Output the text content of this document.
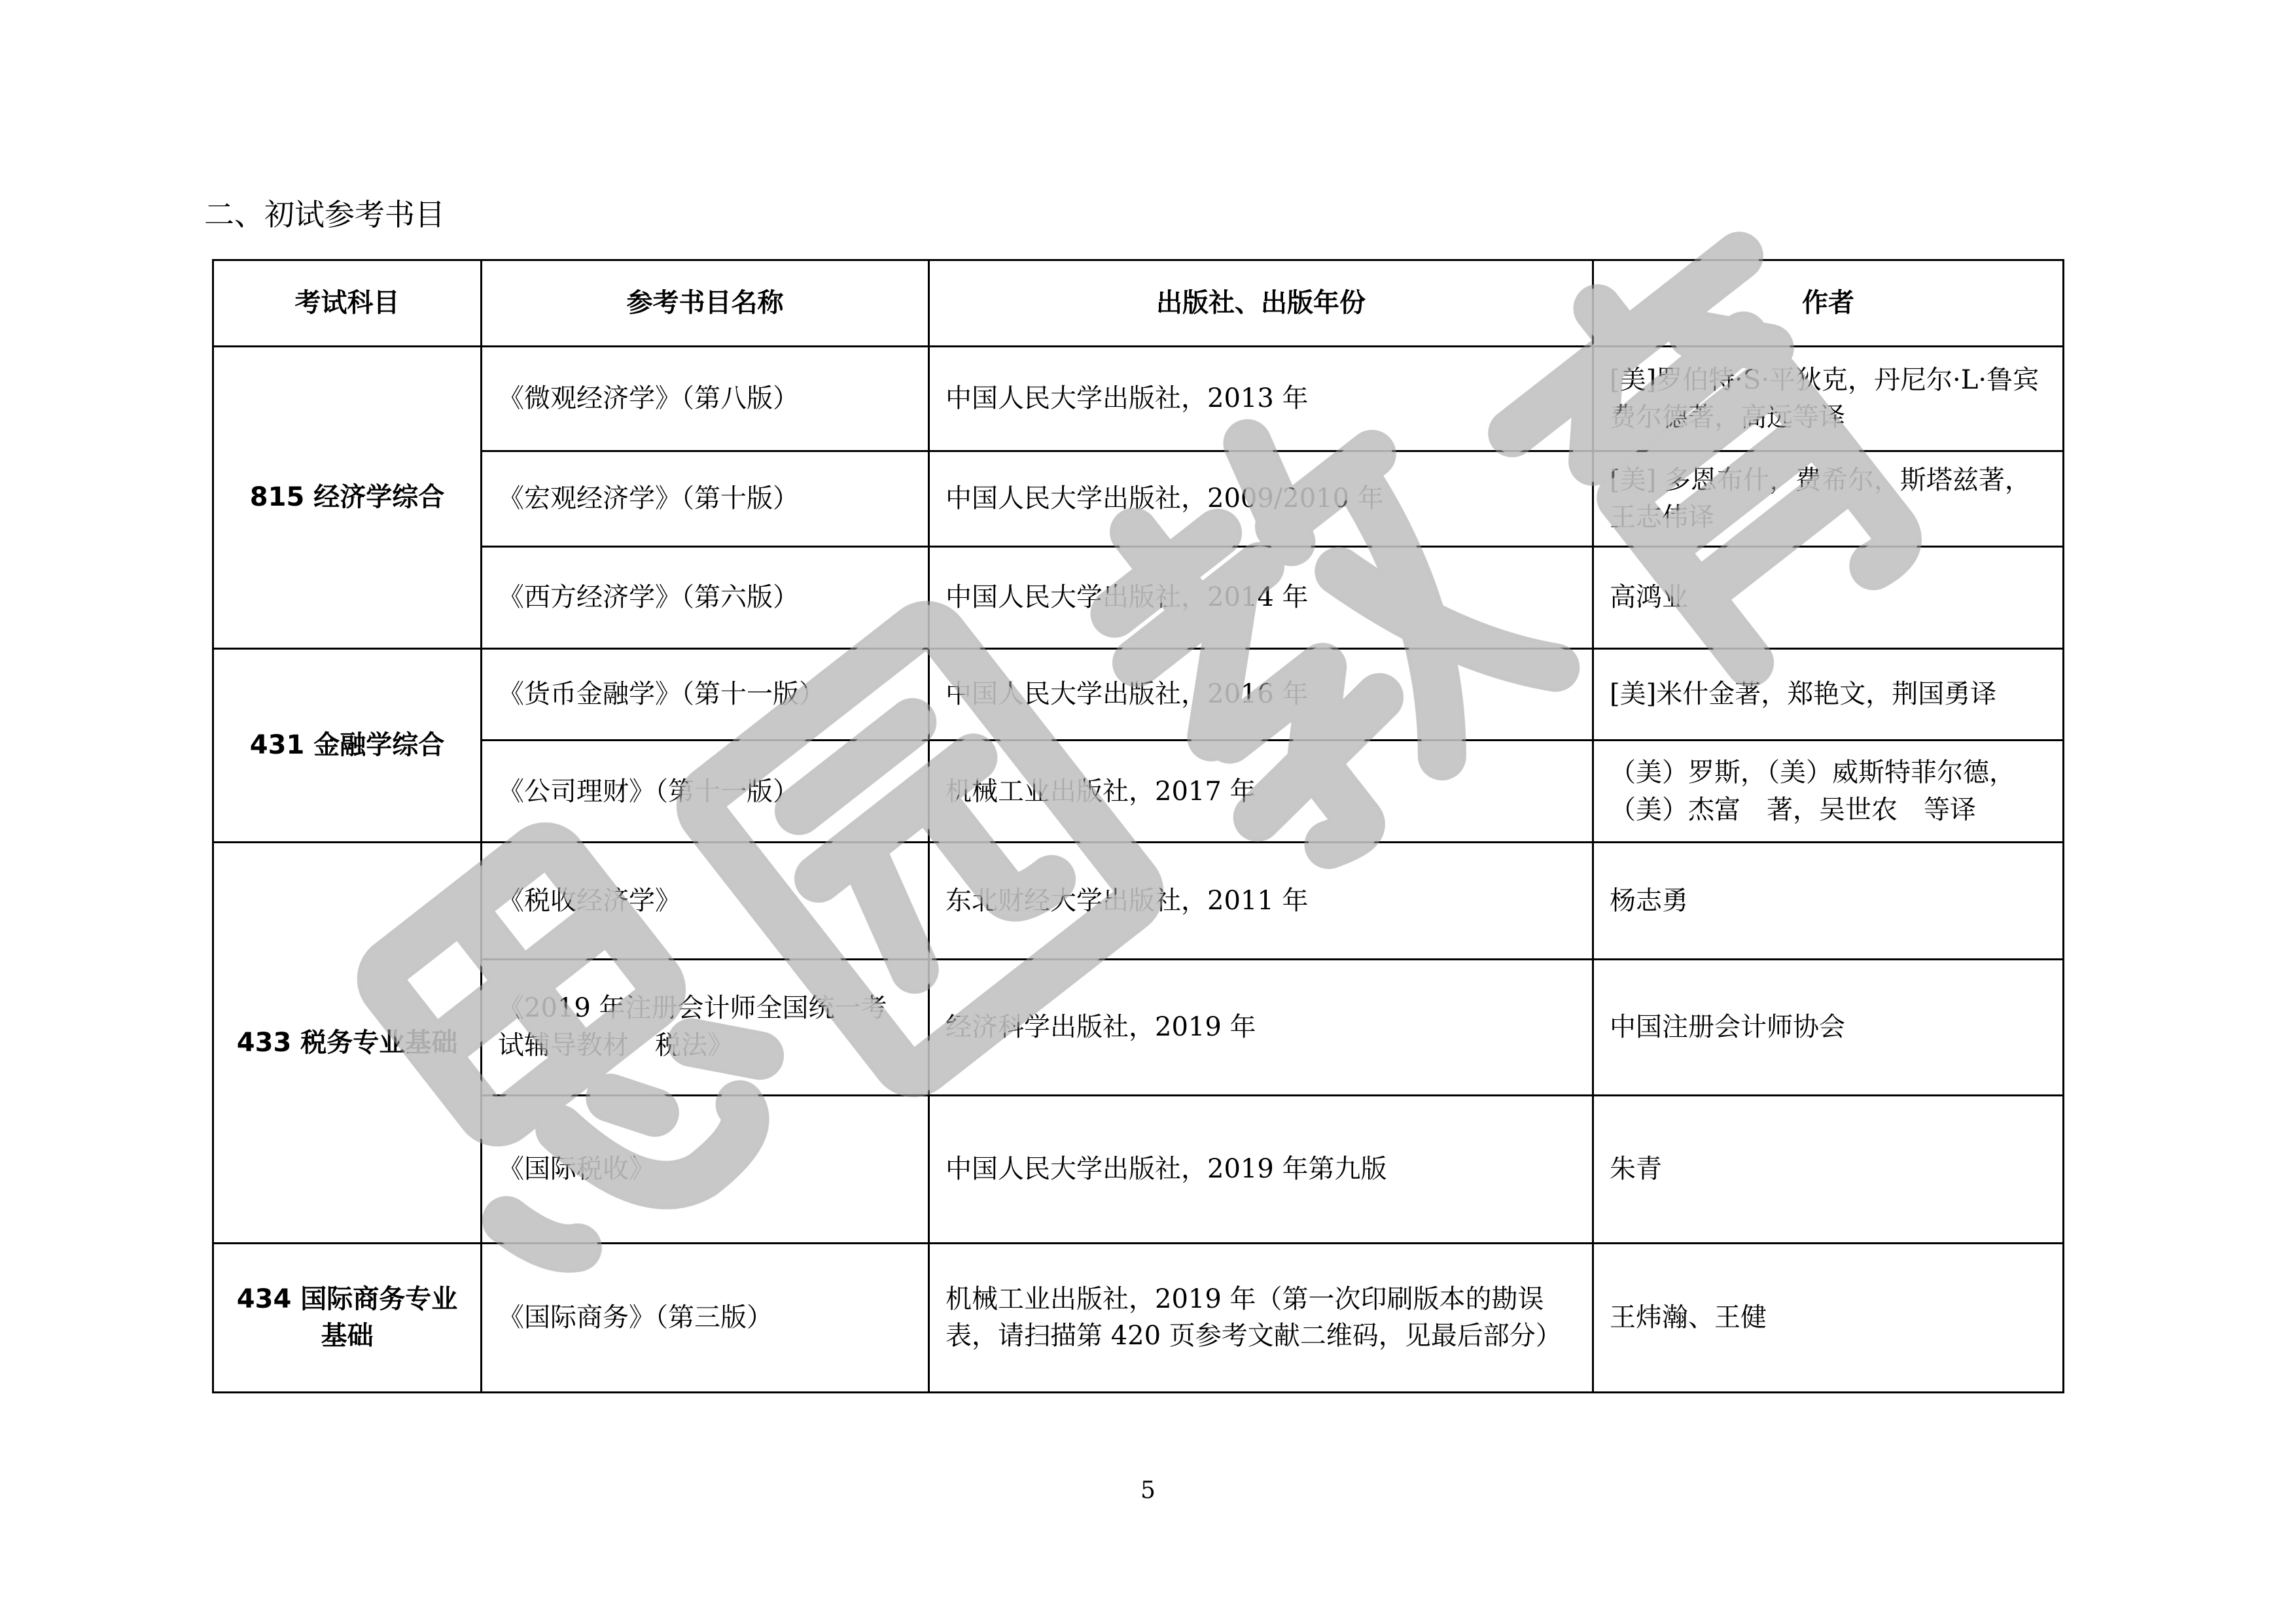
二、初试参考书目
考试科目	参考书目名称	出版社、出版年份	作者
815 经济学综合	《微观经济学》（第八版）	中国人民大学出版社，2013 年	[美]罗伯特·S·平狄克，丹尼尔·L·鲁宾费尔德著，高远等译
	《宏观经济学》（第十版）	中国人民大学出版社，2009/2010 年	[美] 多恩布什，费希尔，斯塔兹著，王志伟译
	《西方经济学》（第六版）	中国人民大学出版社，2014 年	高鸿业
431 金融学综合	《货币金融学》（第十一版）	中国人民大学出版社，2016 年	[美]米什金著，郑艳文，荆国勇译
	《公司理财》（第十一版）	机械工业出版社，2017 年	（美）罗斯，（美）威斯特菲尔德，（美）杰富　著，吴世农　等译
433 税务专业基础	《税收经济学》	东北财经大学出版社，2011 年	杨志勇
	《2019 年注册会计师全国统一考试辅导教材　税法》	经济科学出版社，2019 年	中国注册会计师协会
	《国际税收》	中国人民大学出版社，2019 年第九版	朱青
434 国际商务专业基础	《国际商务》（第三版）	机械工业出版社，2019 年（第一次印刷版本的勘误表，请扫描第 420 页参考文献二维码，见最后部分）	王炜瀚、王健
5
